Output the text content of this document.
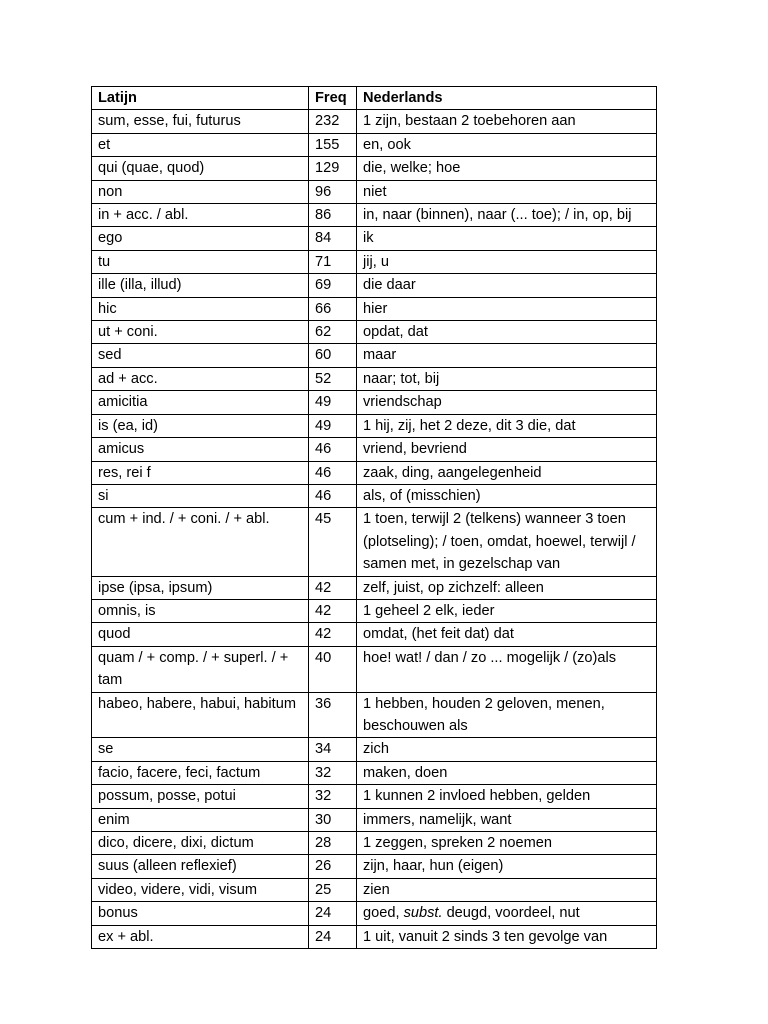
Latijn	Freq	Nederlands
sum, esse, fui, futurus	232	1 zijn, bestaan 2 toebehoren aan
et	155	en, ook
qui (quae, quod)	129	die, welke; hoe
non	96	niet
in + acc. / abl.	86	in, naar (binnen), naar (... toe); / in, op, bij
ego	84	ik
tu	71	jij, u
ille (illa, illud)	69	die daar
hic	66	hier
ut + coni.	62	opdat, dat
sed	60	maar
ad + acc.	52	naar; tot, bij
amicitia	49	vriendschap
is (ea, id)	49	1 hij, zij, het 2 deze, dit 3 die, dat
amicus	46	vriend, bevriend
res, rei f	46	zaak, ding, aangelegenheid
si	46	als, of (misschien)
cum + ind. / + coni. / + abl.	45	1 toen, terwijl 2 (telkens) wanneer 3 toen (plotseling); / toen, omdat, hoewel, terwijl / samen met, in gezelschap van
ipse (ipsa, ipsum)	42	zelf, juist, op zichzelf: alleen
omnis, is	42	1 geheel 2 elk, ieder
quod	42	omdat, (het feit dat) dat
quam / + comp. / + superl. / + tam	40	hoe! wat! / dan / zo ... mogelijk / (zo)als
habeo, habere, habui, habitum	36	1 hebben, houden 2 geloven, menen, beschouwen als
se	34	zich
facio, facere, feci, factum	32	maken, doen
possum, posse, potui	32	1 kunnen 2 invloed hebben, gelden
enim	30	immers, namelijk, want
dico, dicere, dixi, dictum	28	1 zeggen, spreken 2 noemen
suus (alleen reflexief)	26	zijn, haar, hun (eigen)
video, videre, vidi, visum	25	zien
bonus	24	goed, subst. deugd, voordeel, nut
ex + abl.	24	1 uit, vanuit 2 sinds 3 ten gevolge van
